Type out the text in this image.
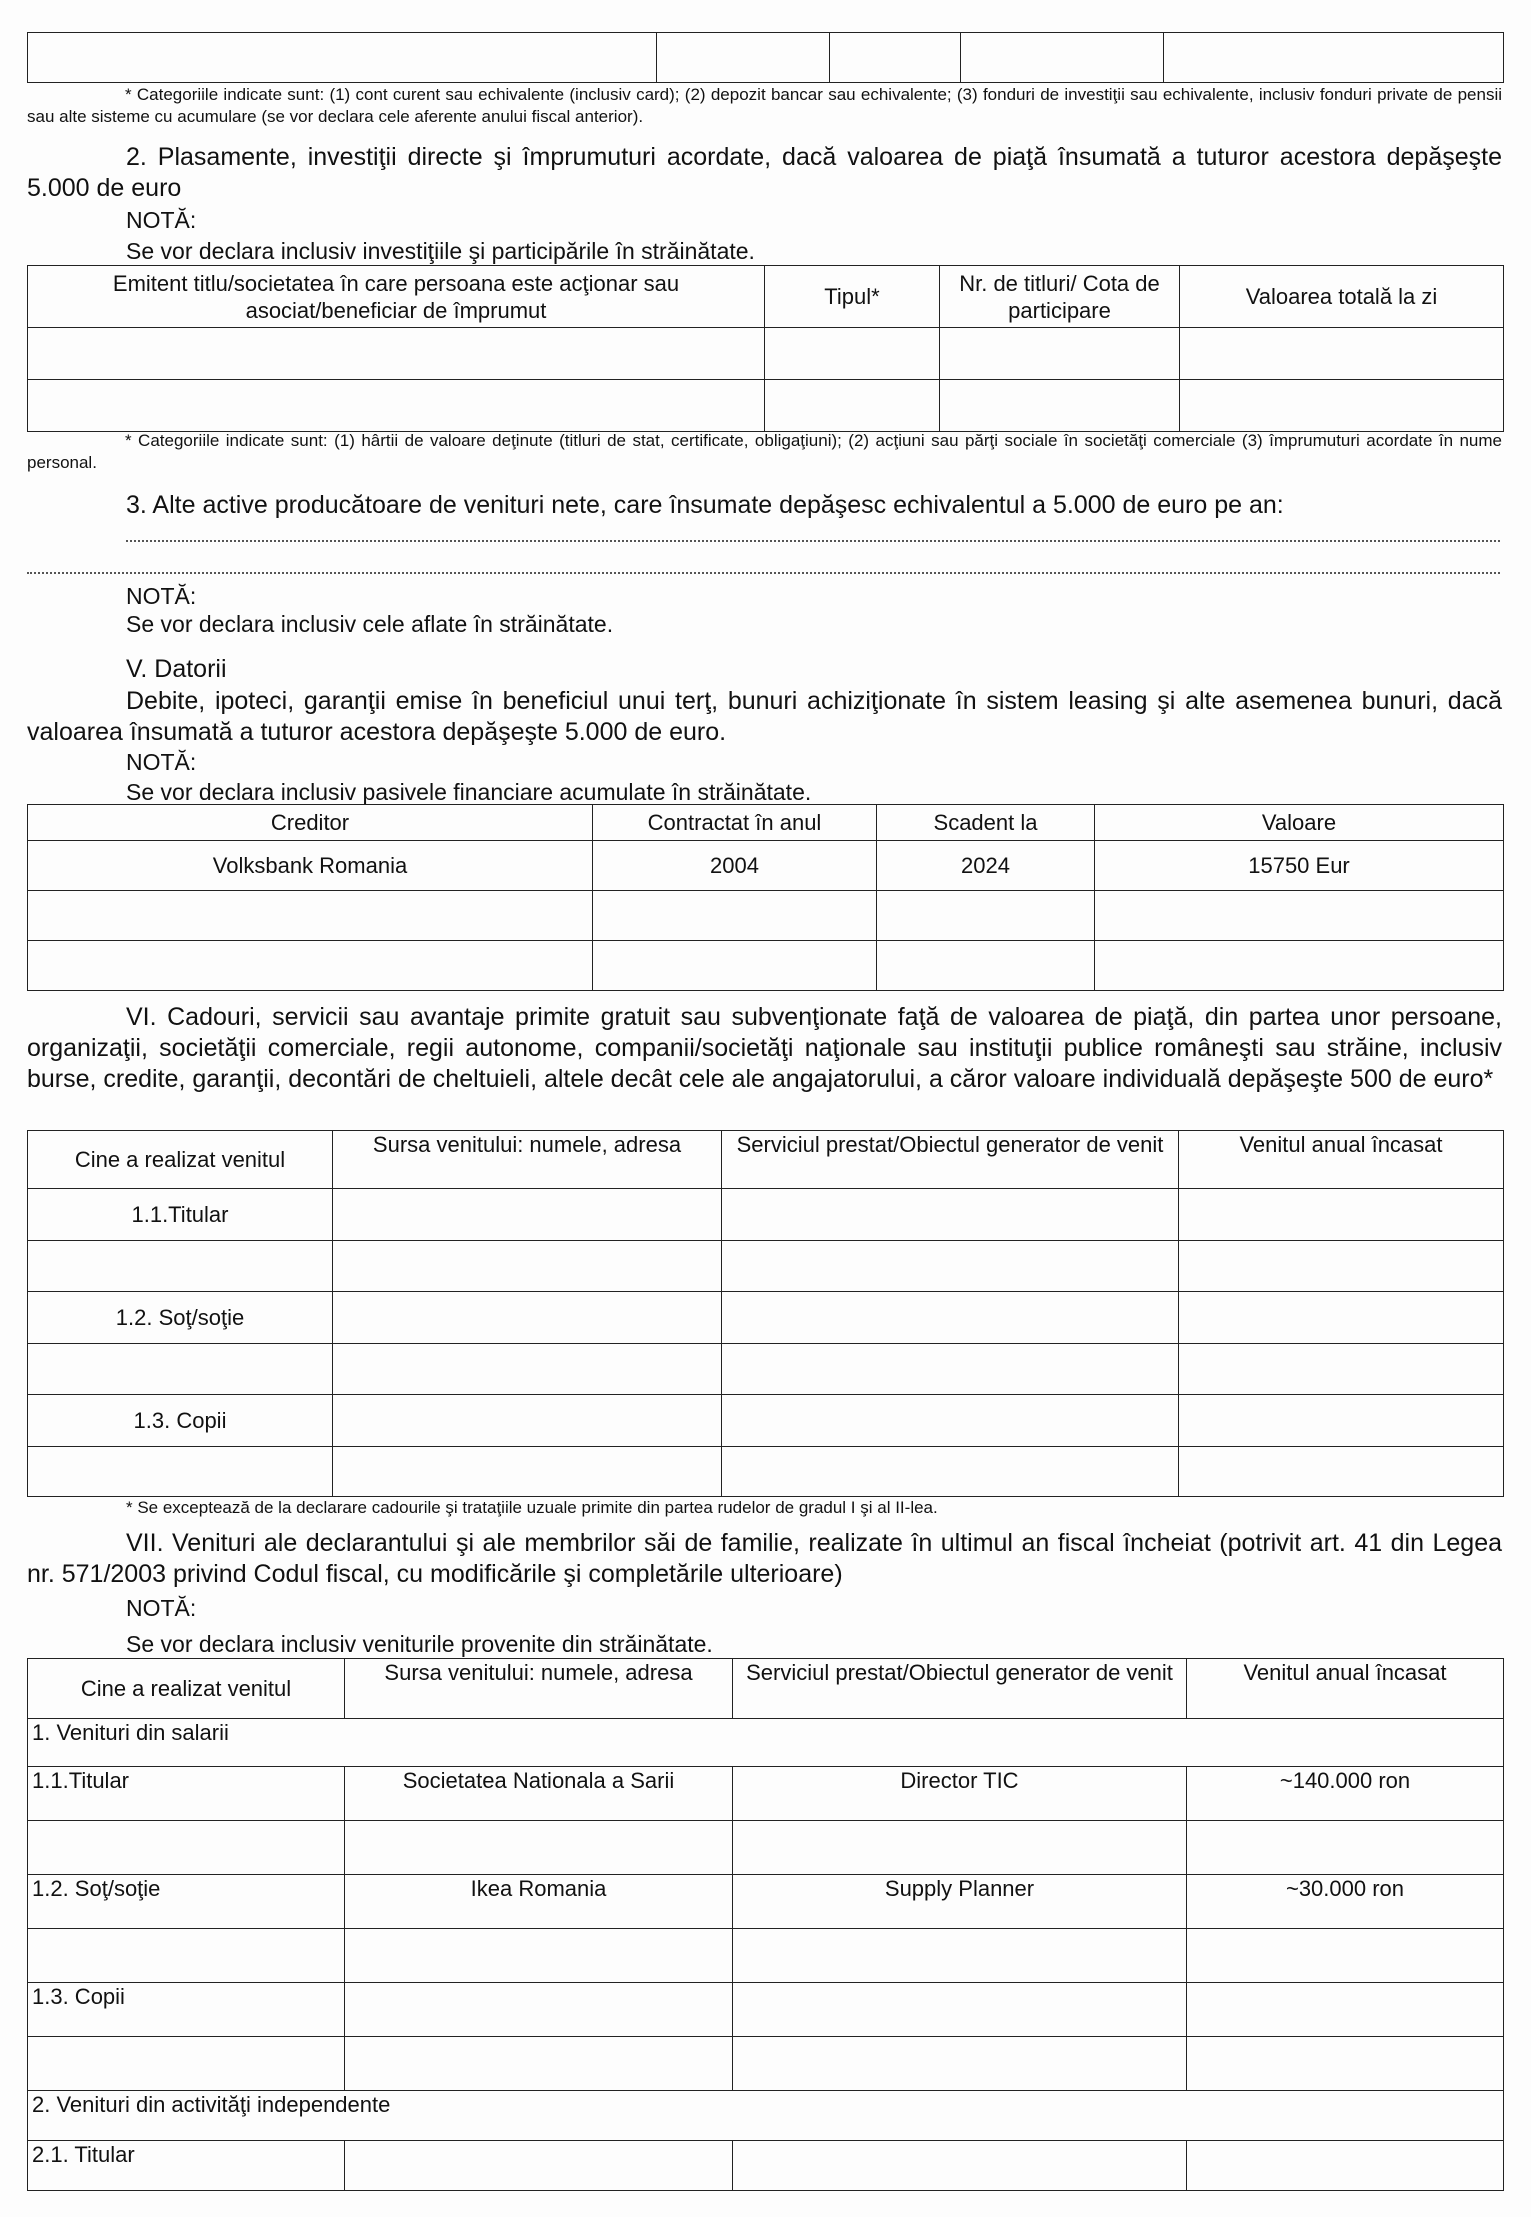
* Categoriile indicate sunt: (1) cont curent sau echivalente (inclusiv card); (2) depozit bancar sau echivalente; (3) fonduri de investiţii sau echivalente, inclusiv fonduri private de pensii sau alte sisteme cu acumulare (se vor declara cele aferente anului fiscal anterior).
2. Plasamente, investiţii directe şi împrumuturi acordate, dacă valoarea de piaţă însumată a tuturor acestora depăşeşte 5.000 de euro
NOTĂ:
Se vor declara inclusiv investiţiile şi participările în străinătate.
Emitent titlu/societatea în care persoana este acţionar sau asociat/beneficiar de împrumut	Tipul*	Nr. de titluri/ Cota de participare	Valoarea totală la zi

* Categoriile indicate sunt: (1) hârtii de valoare deţinute (titluri de stat, certificate, obligaţiuni); (2) acţiuni sau părţi sociale în societăţi comerciale (3) împrumuturi acordate în nume personal.
3. Alte active producătoare de venituri nete, care însumate depăşesc echivalentul a 5.000 de euro pe an:
NOTĂ:
Se vor declara inclusiv cele aflate în străinătate.
V. Datorii
Debite, ipoteci, garanţii emise în beneficiul unui terţ, bunuri achiziţionate în sistem leasing şi alte asemenea bunuri, dacă valoarea însumată a tuturor acestora depăşeşte 5.000 de euro.
NOTĂ:
Se vor declara inclusiv pasivele financiare acumulate în străinătate.
Creditor	Contractat în anul	Scadent la	Valoare
Volksbank Romania	2004	2024	15750 Eur

VI. Cadouri, servicii sau avantaje primite gratuit sau subvenţionate faţă de valoarea de piaţă, din partea unor persoane, organizaţii, societăţii comerciale, regii autonome, companii/societăţi naţionale sau instituţii publice româneşti sau străine, inclusiv burse, credite, garanţii, decontări de cheltuieli, altele decât cele ale angajatorului, a căror valoare individuală depăşeşte 500 de euro*
Cine a realizat venitul	Sursa venitului: numele, adresa	Serviciul prestat/Obiectul generator de venit	Venitul anual încasat
1.1.Titular			

1.2. Soţ/soţie			

1.3. Copii			

* Se exceptează de la declarare cadourile şi trataţiile uzuale primite din partea rudelor de gradul I şi al II-lea.
VII. Venituri ale declarantului şi ale membrilor săi de familie, realizate în ultimul an fiscal încheiat (potrivit art. 41 din Legea nr. 571/2003 privind Codul fiscal, cu modificările şi completările ulterioare)
NOTĂ:
Se vor declara inclusiv veniturile provenite din străinătate.
Cine a realizat venitul	Sursa venitului: numele, adresa	Serviciul prestat/Obiectul generator de venit	Venitul anual încasat
1. Venituri din salarii			
1.1.Titular	Societatea Nationala a Sarii	Director TIC	~140.000 ron

1.2. Soţ/soţie	Ikea Romania	Supply Planner	~30.000 ron

1.3. Copii			

2. Venituri din activităţi independente			
2.1. Titular			
